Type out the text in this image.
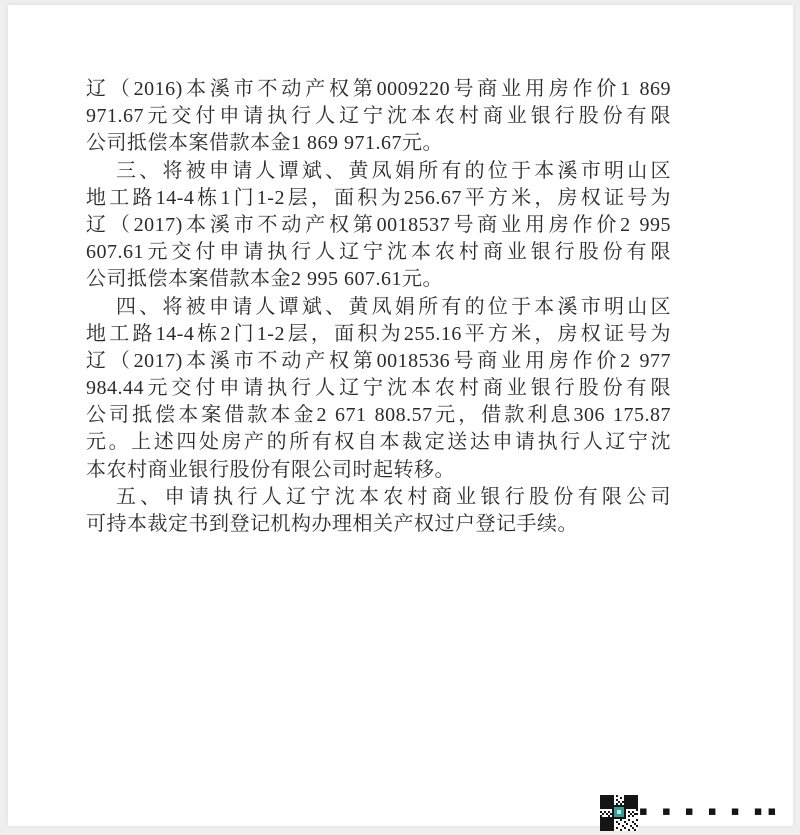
辽（2016)本溪市不动产权第0009220号商业用房作价1 869
971.67元交付申请执行人辽宁沈本农村商业银行股份有限
公司抵偿本案借款本金1 869 971.67元。
三、将被申请人谭斌、黄凤娟所有的位于本溪市明山区
地工路14-4栋1门1-2层，面积为256.67平方米，房权证号为
辽（2017)本溪市不动产权第0018537号商业用房作价2 995
607.61元交付申请执行人辽宁沈本农村商业银行股份有限
公司抵偿本案借款本金2 995 607.61元。
四、将被申请人谭斌、黄凤娟所有的位于本溪市明山区
地工路14-4栋2门1-2层，面积为255.16平方米，房权证号为
辽（2017)本溪市不动产权第0018536号商业用房作价2 977
984.44元交付申请执行人辽宁沈本农村商业银行股份有限
公司抵偿本案借款本金2 671 808.57元，借款利息306 175.87
元。上述四处房产的所有权自本裁定送达申请执行人辽宁沈
本农村商业银行股份有限公司时起转移。
五、申请执行人辽宁沈本农村商业银行股份有限公司
可持本裁定书到登记机构办理相关产权过户登记手续。
▪ ▪ ▪ ▪ ▪ ▪▪
